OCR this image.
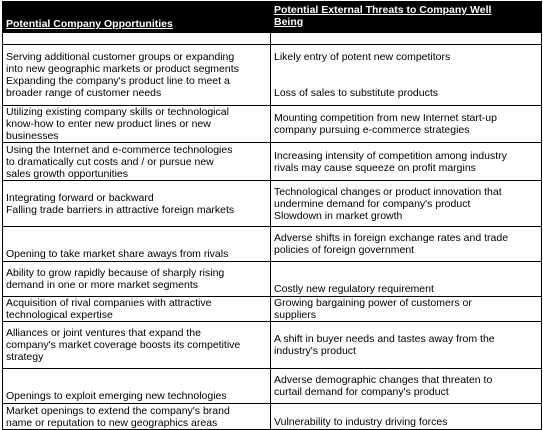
Potential Company Opportunities	Potential External Threats to Company Well
Being

Serving additional customer groups or expanding
into new geographic markets or product segments
Expanding the company's product line to meet a
broader range of customer needs	Likely entry of potent new competitors

Loss of sales to substitute products

Utilizing existing company skills or technological
know-how to enter new product lines or new
businesses	Mounting competition from new Internet start-up
company pursuing e-commerce strategies

Using the Internet and e-commerce technologies
to dramatically cut costs and / or pursue new
sales growth opportunities	Increasing intensity of competition among industry
rivals may cause squeeze on profit margins

Integrating forward or backward
Falling trade barriers in attractive foreign markets	Technological changes or product innovation that
undermine demand for company's product
Slowdown in market growth

Opening to take market share aways from rivals	Adverse shifts in foreign exchange rates and trade
policies of foreign government

Ability to grow rapidly because of sharply rising
demand in one or more market segments	Costly new regulatory requirement

Acquisition of rival companies with attractive
technological expertise	Growing bargaining power of customers or
suppliers

Alliances or joint ventures that expand the
company's market coverage boosts its competitive
strategy	A shift in buyer needs and tastes away from the
industry's product

Openings to exploit emerging new technologies	Adverse demographic changes that threaten to
curtail demand for company's product

Market openings to extend the company's brand
name or reputation to new geographics areas	Vulnerability to industry driving forces
